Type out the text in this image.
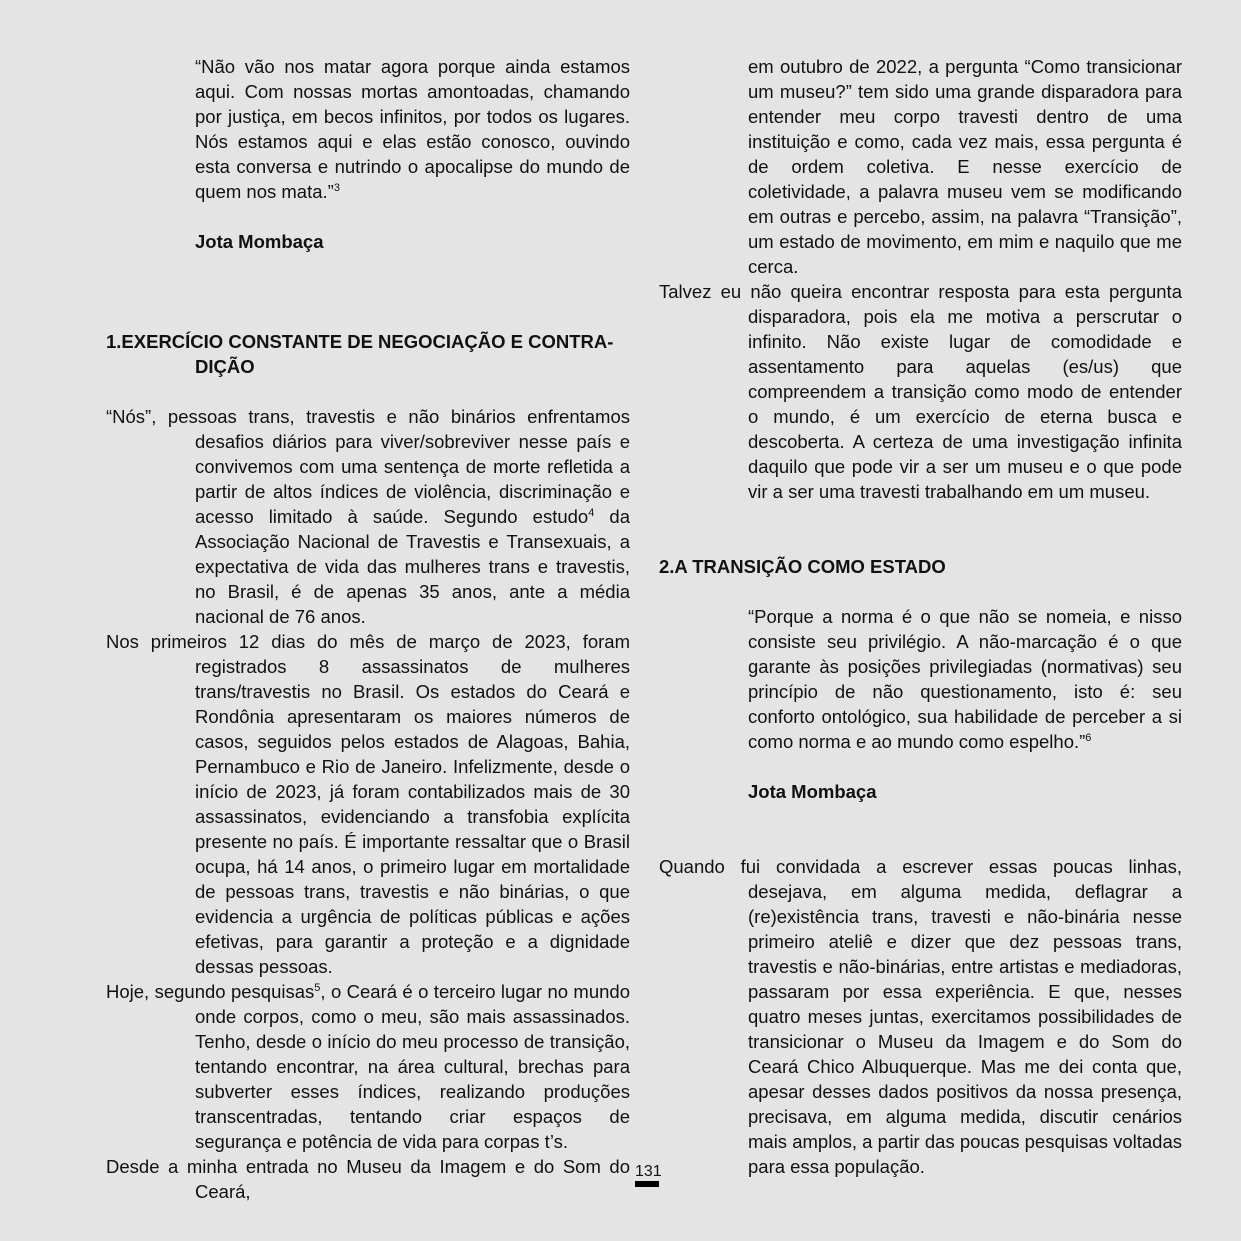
“Não vão nos matar agora porque ainda estamos aqui. Com nossas mortas amontoadas, chamando por justiça, em becos infinitos, por todos os lugares. Nós estamos aqui e elas estão conosco, ouvindo esta conversa e nutrindo o apocalipse do mundo de quem nos mata.”$^3$

Jota Mombaça

1.EXERCÍCIO CONSTANTE DE NEGOCIAÇÃO E CONTRA-DIÇÃO

“Nós”, pessoas trans, travestis e não binários enfrentamos desafios diários para viver/sobreviver nesse país e convivemos com uma sentença de morte refletida a partir de altos índices de violência, discriminação e acesso limitado à saúde. Segundo estudo$^4$ da Associação Nacional de Travestis e Transexuais, a expectativa de vida das mulheres trans e travestis, no Brasil, é de apenas 35 anos, ante a média nacional de 76 anos.

Nos primeiros 12 dias do mês de março de 2023, foram registrados 8 assassinatos de mulheres trans/travestis no Brasil. Os estados do Ceará e Rondônia apresentaram os maiores números de casos, seguidos pelos estados de Alagoas, Bahia, Pernambuco e Rio de Janeiro. Infelizmente, desde o início de 2023, já foram contabilizados mais de 30 assassinatos, evidenciando a transfobia explícita presente no país. É importante ressaltar que o Brasil ocupa, há 14 anos, o primeiro lugar em mortalidade de pessoas trans, travestis e não binárias, o que evidencia a urgência de políticas públicas e ações efetivas, para garantir a proteção e a dignidade dessas pessoas.

Hoje, segundo pesquisas$^5$, o Ceará é o terceiro lugar no mundo onde corpos, como o meu, são mais assassinados. Tenho, desde o início do meu processo de transição, tentando encontrar, na área cultural, brechas para subverter esses índices, realizando produções transcentradas, tentando criar espaços de segurança e potência de vida para corpas t’s.

Desde a minha entrada no Museu da Imagem e do Som do Ceará,

em outubro de 2022, a pergunta “Como transicionar um museu?” tem sido uma grande disparadora para entender meu corpo travesti dentro de uma instituição e como, cada vez mais, essa pergunta é de ordem coletiva. E nesse exercício de coletividade, a palavra museu vem se modificando em outras e percebo, assim, na palavra “Transição”, um estado de movimento, em mim e naquilo que me cerca.

Talvez eu não queira encontrar resposta para esta pergunta disparadora, pois ela me motiva a perscrutar o infinito. Não existe lugar de comodidade e assentamento para aquelas (es/us) que compreendem a transição como modo de entender o mundo, é um exercício de eterna busca e descoberta. A certeza de uma investigação infinita daquilo que pode vir a ser um museu e o que pode vir a ser uma travesti trabalhando em um museu.

2.A TRANSIÇÃO COMO ESTADO

“Porque a norma é o que não se nomeia, e nisso consiste seu privilégio. A não-marcação é o que garante às posições privilegiadas (normativas) seu princípio de não questionamento, isto é: seu conforto ontológico, sua habilidade de perceber a si como norma e ao mundo como espelho.”$^6$

Jota Mombaça

Quando fui convidada a escrever essas poucas linhas, desejava, em alguma medida, deflagrar a (re)existência trans, travesti e não-binária nesse primeiro ateliê e dizer que dez pessoas trans, travestis e não-binárias, entre artistas e mediadoras, passaram por essa experiência. E que, nesses quatro meses juntas, exercitamos possibilidades de transicionar o Museu da Imagem e do Som do Ceará Chico Albuquerque. Mas me dei conta que, apesar desses dados positivos da nossa presença, precisava, em alguma medida, discutir cenários mais amplos, a partir das poucas pesquisas voltadas para essa população.

131
